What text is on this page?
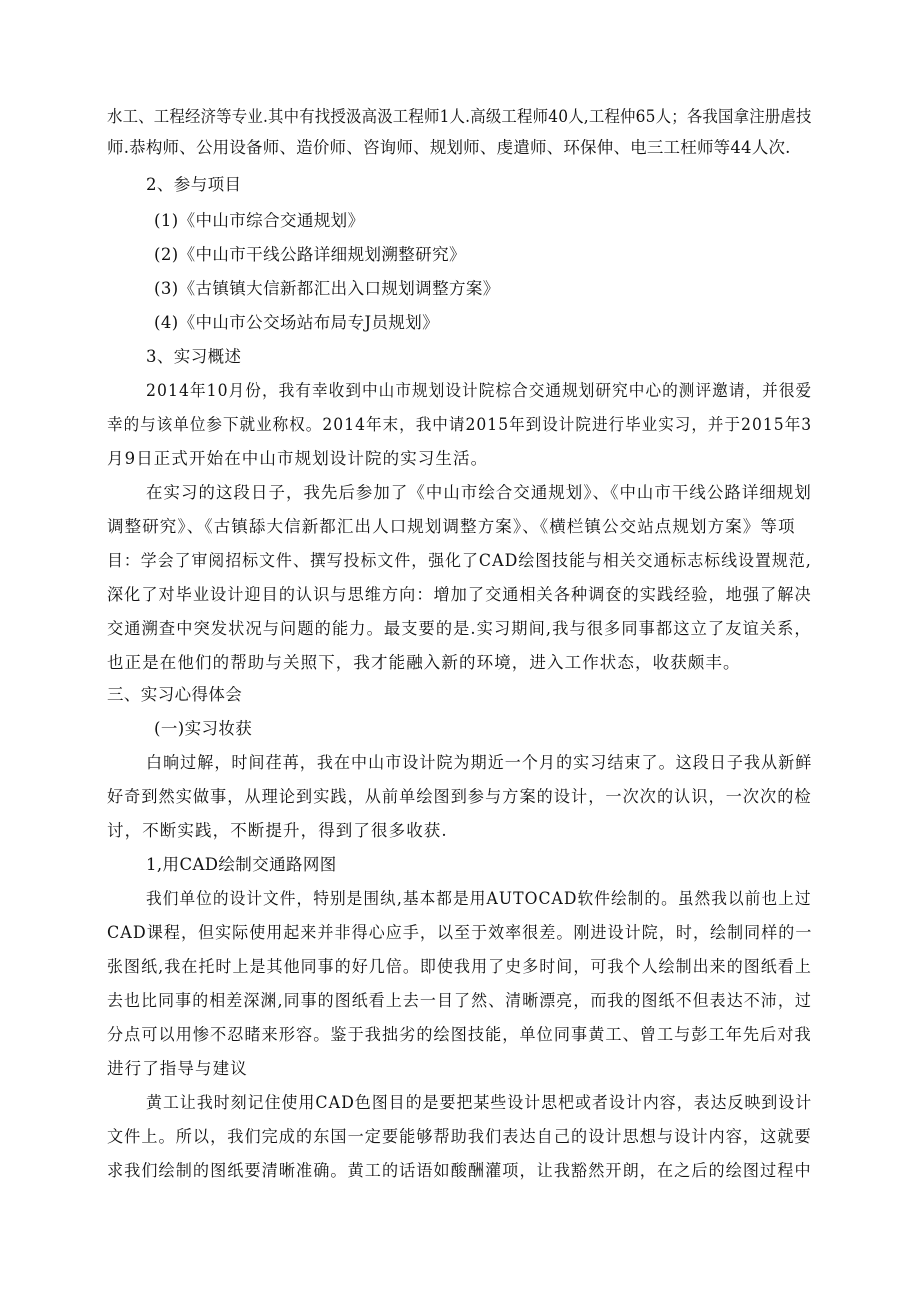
水工、工程经济等专业.其中有找授汲高汲工程师1人.高级工程师40人,工程仲65人；各我国拿注册虐技

师.恭构师、公用设备师、造价师、咨询师、规划师、虔遣师、环保伸、电三工枉师等44人次.

2、参与项目

(1)《中山市综合交通规划》

(2)《中山市干线公路详细规划溯整研究》

(3)《古镇镇大信新都汇出入口规划调整方案》

(4)《中山市公交场站布局专J员规划》

3、实习概述

2014年10月份，我有幸收到中山市规划设计院棕合交通规划研究中心的测评邀请，并很爱

幸的与该单位参下就业称权。2014年末，我中请2015年到设计院进行毕业实习，并于2015年3

月9日正式开始在中山市规划设计院的实习生活。

在实习的这段日子，我先后参加了《中山市绘合交通规划》、《中山市干线公路详细规划

调整研究》、《古镇舔大信新都汇出人口规划调整方案》、《横栏镇公交站点规划方案》等项

目：学会了审阅招标文件、撰写投标文件，强化了CAD绘图技能与相关交通标志标线设置规范,

深化了对毕业设计迎目的认识与思维方向：增加了交通相关各种调奁的实践经验，地强了解决

交通溯查中突发状况与问题的能力。最支要的是.实习期间,我与很多同事都这立了友谊关系，

也正是在他们的帮助与关照下，我才能融入新的环境，进入工作状态，收获颇丰。

三、实习心得体会

(一)实习妆获

白晌过解，时间荏苒，我在中山市设计院为期近一个月的实习结束了。这段日子我从新鲜

好奇到然实做事，从理论到实践，从前单绘图到参与方案的设计，一次次的认识，一次次的检

讨，不断实践，不断提升，得到了很多收获.

1,用CAD绘制交通路网图

我们单位的设计文件，特别是围纨,基本都是用AUTOCAD软件绘制的。虽然我以前也上过

CAD课程，但实际使用起来并非得心应手，以至于效率很差。刚进设计院，时，绘制同样的一

张图纸,我在托时上是其他同事的好几倍。即使我用了史多时间，可我个人绘制出来的图纸看上

去也比同事的相差深渊,同事的图纸看上去一目了然、清晰漂亮，而我的图纸不但表达不沛，过

分点可以用惨不忍睹来形容。鉴于我拙劣的绘图技能，单位同事黄工、曾工与彭工年先后对我

进行了指导与建议

黄工让我时刻记住使用CAD色图目的是要把某些设计思杷或者设计内容，表达反映到设计

文件上。所以，我们完成的东国一定要能够帮助我们表达自己的设计思想与设计内容，这就要

求我们绘制的图纸要清晰准确。黄工的话语如酸酬灌项，让我豁然开朗，在之后的绘图过程中
